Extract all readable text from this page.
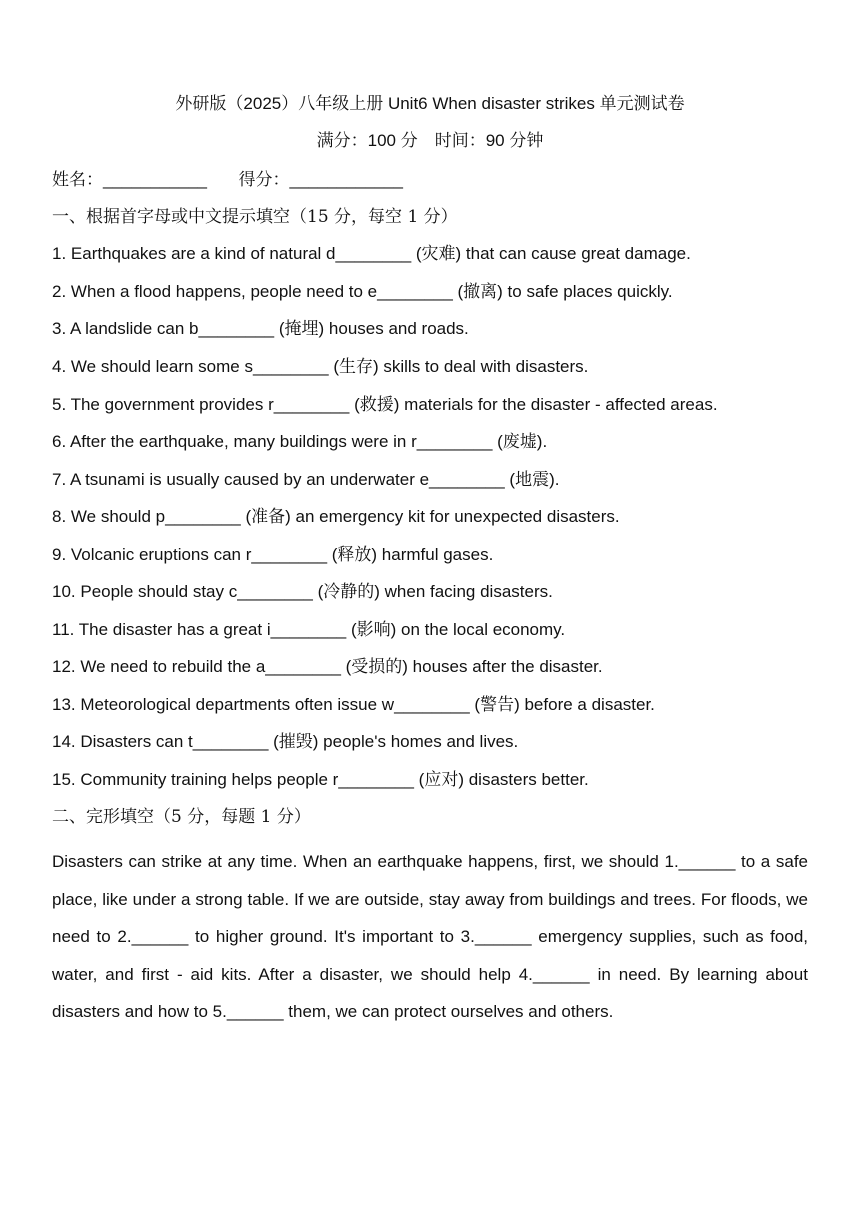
外研版（2025）八年级上册 Unit6 When disaster strikes 单元测试卷
满分：100 分　时间：90 分钟
姓名：___________ 得分：____________
一、根据首字母或中文提示填空（15 分，每空 1 分）
1. Earthquakes are a kind of natural d________ (灾难) that can cause great damage.
2. When a flood happens, people need to e________ (撤离) to safe places quickly.
3. A landslide can b________ (掩埋) houses and roads.
4. We should learn some s________ (生存) skills to deal with disasters.
5. The government provides r________ (救援) materials for the disaster - affected areas.
6. After the earthquake, many buildings were in r________ (废墟).
7. A tsunami is usually caused by an underwater e________ (地震).
8. We should p________ (准备) an emergency kit for unexpected disasters.
9. Volcanic eruptions can r________ (释放) harmful gases.
10. People should stay c________ (冷静的) when facing disasters.
11. The disaster has a great i________ (影响) on the local economy.
12. We need to rebuild the a________ (受损的) houses after the disaster.
13. Meteorological departments often issue w________ (警告) before a disaster.
14. Disasters can t________ (摧毁) people's homes and lives.
15. Community training helps people r________ (应对) disasters better.
二、完形填空（5 分，每题 1 分）
Disasters can strike at any time. When an earthquake happens, first, we should 1.______ to a safe place, like under a strong table. If we are outside, stay away from buildings and trees. For floods, we need to 2.______ to higher ground. It's important to 3.______ emergency supplies, such as food, water, and first - aid kits. After a disaster, we should help 4.______ in need. By learning about disasters and how to 5.______ them, we can protect ourselves and others.
